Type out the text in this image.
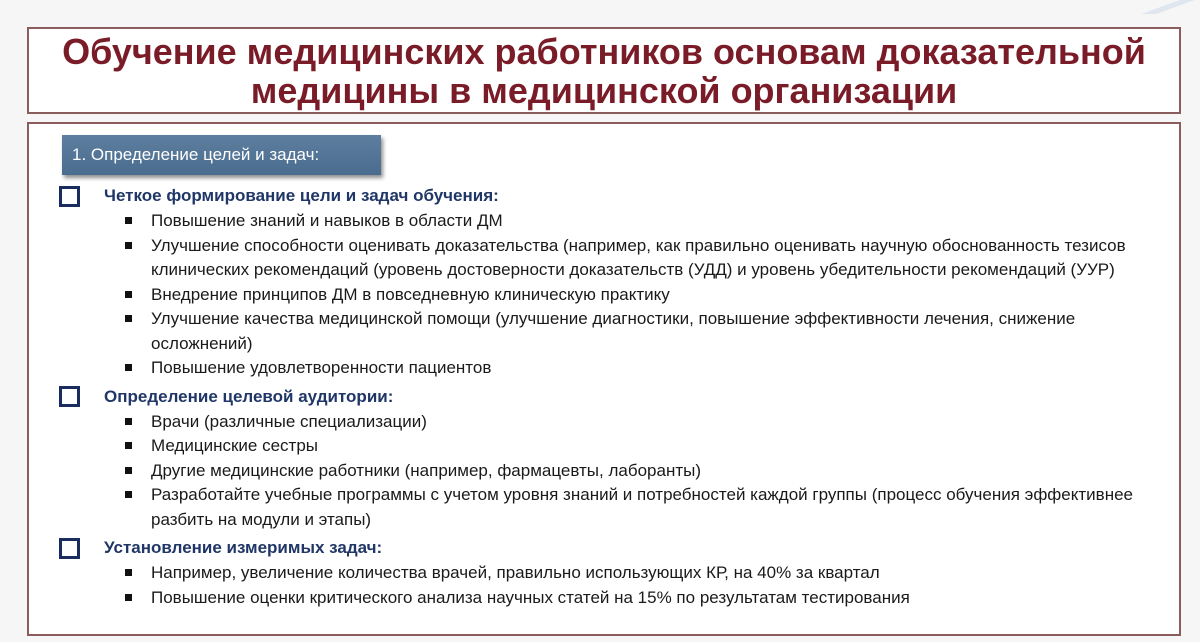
Обучение медицинских работников основам доказательной медицины в медицинской организации
1. Определение целей и задач:
Четкое формирование цели и задач обучения:
Повышение знаний и навыков в области ДМ
Улучшение способности оценивать доказательства (например, как правильно оценивать научную обоснованность тезисов клинических рекомендаций (уровень достоверности доказательств (УДД) и уровень убедительности рекомендаций (УУР)
Внедрение принципов ДМ в повседневную клиническую практику
Улучшение качества медицинской помощи (улучшение диагностики, повышение эффективности лечения, снижение осложнений)
Повышение удовлетворенности пациентов
Определение целевой аудитории:
Врачи (различные специализации)
Медицинские сестры
Другие медицинские работники (например, фармацевты, лаборанты)
Разработайте учебные программы с учетом уровня знаний и потребностей каждой группы (процесс обучения эффективнее разбить на модули и этапы)
Установление измеримых задач:
Например, увеличение количества врачей, правильно использующих КР, на 40% за квартал
Повышение оценки критического анализа научных статей на 15% по результатам тестирования
